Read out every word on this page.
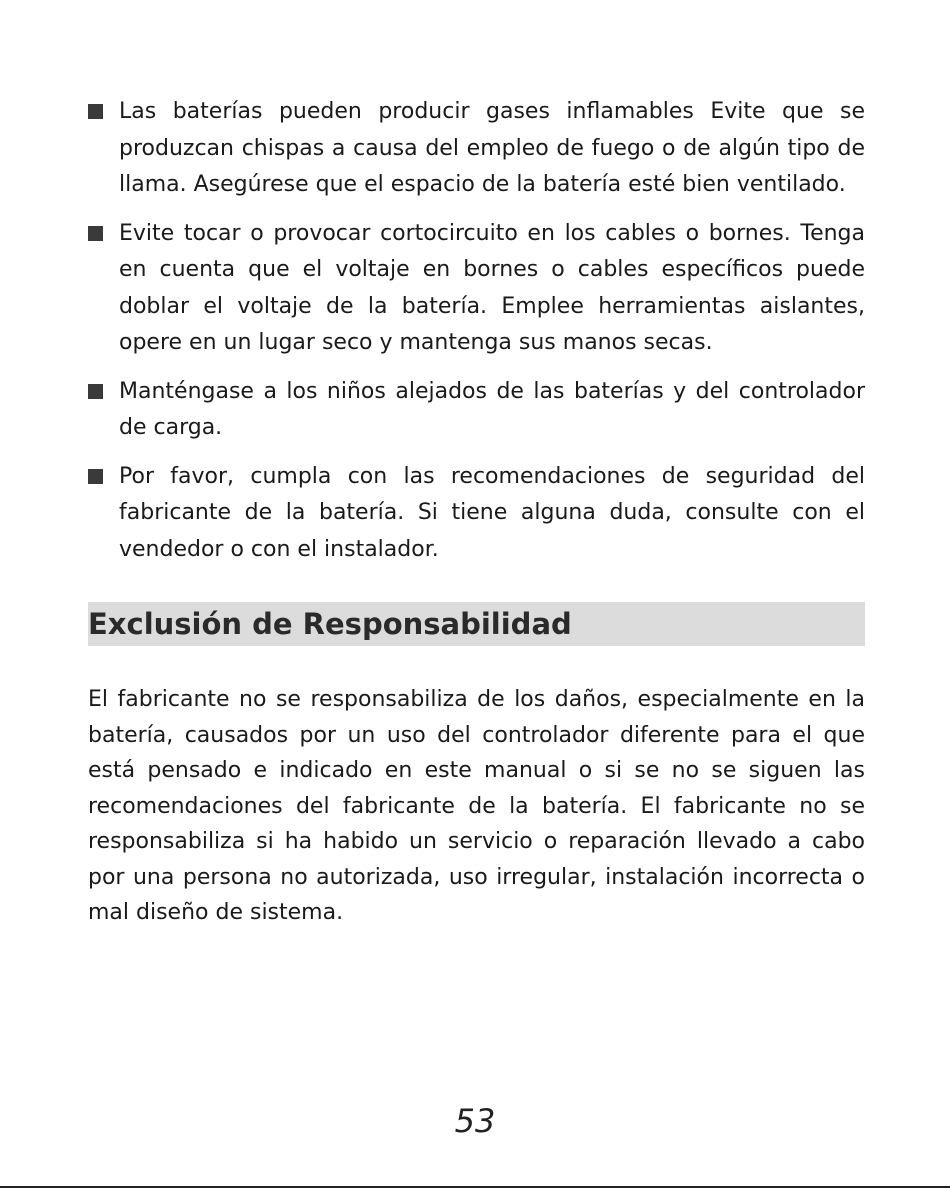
Las baterías pueden producir gases inflamables Evite que se produzcan chispas a causa del empleo de fuego o de algún tipo de llama. Asegúrese que el espacio de la batería esté bien ventilado.
Evite tocar o provocar cortocircuito en los cables o bornes. Tenga en cuenta que el voltaje en bornes o cables específicos puede doblar el voltaje de la batería. Emplee herramientas aislantes, opere en un lugar seco y mantenga sus manos secas.
Manténgase a los niños alejados de las baterías y del controlador de carga.
Por favor, cumpla con las recomendaciones de seguridad del fabricante de la batería. Si tiene alguna duda, consulte con el vendedor o con el instalador.
Exclusión de Responsabilidad

El fabricante no se responsabiliza de los daños, especialmente en la batería, causados por un uso del controlador diferente para el que está pensado e indicado en este manual o si se no se siguen las recomendaciones del fabricante de la batería. El fabricante no se responsabiliza si ha habido un servicio o reparación llevado a cabo por una persona no autorizada, uso irregular, instalación incorrecta o mal diseño de sistema.

53
